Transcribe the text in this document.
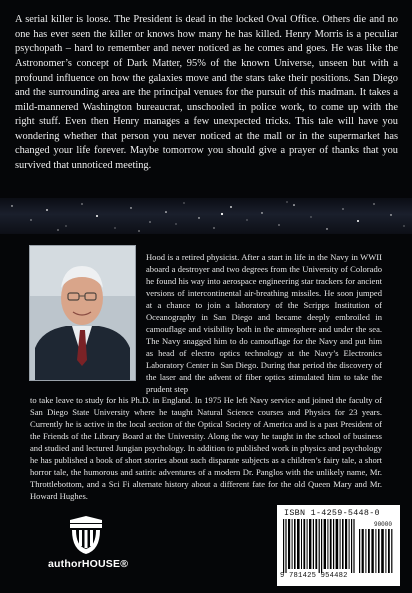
A serial killer is loose. The President is dead in the locked Oval Office. Others die and no one has ever seen the killer or knows how many he has killed. Henry Morris is a peculiar psychopath – hard to remember and never noticed as he comes and goes. He was like the Astronomer’s concept of Dark Matter, 95% of the known Universe, unseen but with a profound influence on how the galaxies move and the stars take their positions. San Diego and the surrounding area are the principal venues for the pursuit of this madman. It takes a mild-mannered Washington bureaucrat, unschooled in police work, to come up with the right stuff. Even then Henry manages a few unexpected tricks. This tale will have you wondering whether that person you never noticed at the mall or in the supermarket has changed your life forever. Maybe tomorrow you should give a prayer of thanks that you survived that unnoticed meeting.

Hood is a retired physicist. After a start in life in the Navy in WWII aboard a destroyer and two degrees from the University of Colorado he found his way into aerospace engineering star trackers for ancient versions of intercontinental air-breathing missiles. He soon jumped at a chance to join a laboratory of the Scripps Institution of Oceanography in San Diego and became deeply embroiled in camouflage and visibility both in the atmosphere and under the sea. The Navy snagged him to do camouflage for the Navy and put him as head of electro optics technology at the Navy’s Electronics Laboratory Center in San Diego. During that period the discovery of the laser and the advent of fiber optics stimulated him to take the prudent step

to take leave to study for his Ph.D. in England. In 1975 He left Navy service and joined the faculty of San Diego State University where he taught Natural Science courses and Physics for 23 years. Currently he is active in the local section of the Optical Society of America and is a past President of the Friends of the Library Board at the University. Along the way he taught in the school of business and studied and lectured Jungian psychology. In addition to published work in physics and psychology he has published a book of short stories about such disparate subjects as a children’s fairy tale, a short horror tale, the humorous and satiric adventures of a modern Dr. Panglos with the unlikely name, Mr. Throttlebottom, and a Sci Fi alternate history about a different fate for the old Queen Mary and Mr. Howard Hughes.

authorHOUSE®
ISBN 1-4259-5448-0
90000
9 781425 954482
